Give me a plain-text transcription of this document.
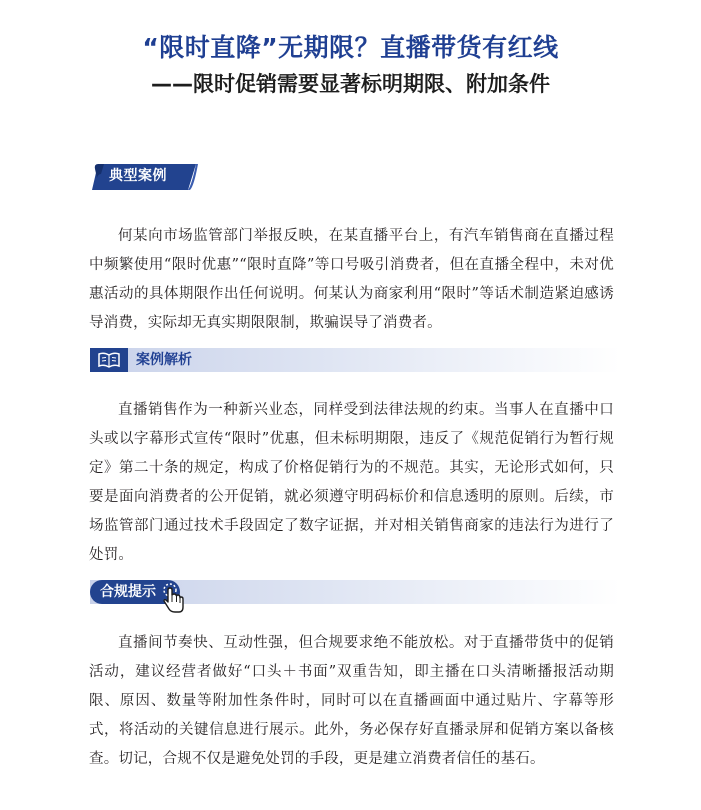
“限时直降”无期限？直播带货有红线
——限时促销需要显著标明期限、附加条件
典型案例

何某向市场监管部门举报反映，在某直播平台上，有汽车销售商在直播过程中频繁使用“限时优惠”“限时直降”等口号吸引消费者，但在直播全程中，未对优惠活动的具体期限作出任何说明。何某认为商家利用“限时”等话术制造紧迫感诱导消费，实际却无真实期限限制，欺骗误导了消费者。

案例解析

直播销售作为一种新兴业态，同样受到法律法规的约束。当事人在直播中口头或以字幕形式宣传“限时”优惠，但未标明期限，违反了《规范促销行为暂行规定》第二十条的规定，构成了价格促销行为的不规范。其实，无论形式如何，只要是面向消费者的公开促销，就必须遵守明码标价和信息透明的原则。后续，市场监管部门通过技术手段固定了数字证据，并对相关销售商家的违法行为进行了处罚。

合规提示

直播间节奏快、互动性强，但合规要求绝不能放松。对于直播带货中的促销活动，建议经营者做好“口头＋书面”双重告知，即主播在口头清晰播报活动期限、原因、数量等附加性条件时，同时可以在直播画面中通过贴片、字幕等形式，将活动的关键信息进行展示。此外，务必保存好直播录屏和促销方案以备核查。切记，合规不仅是避免处罚的手段，更是建立消费者信任的基石。
